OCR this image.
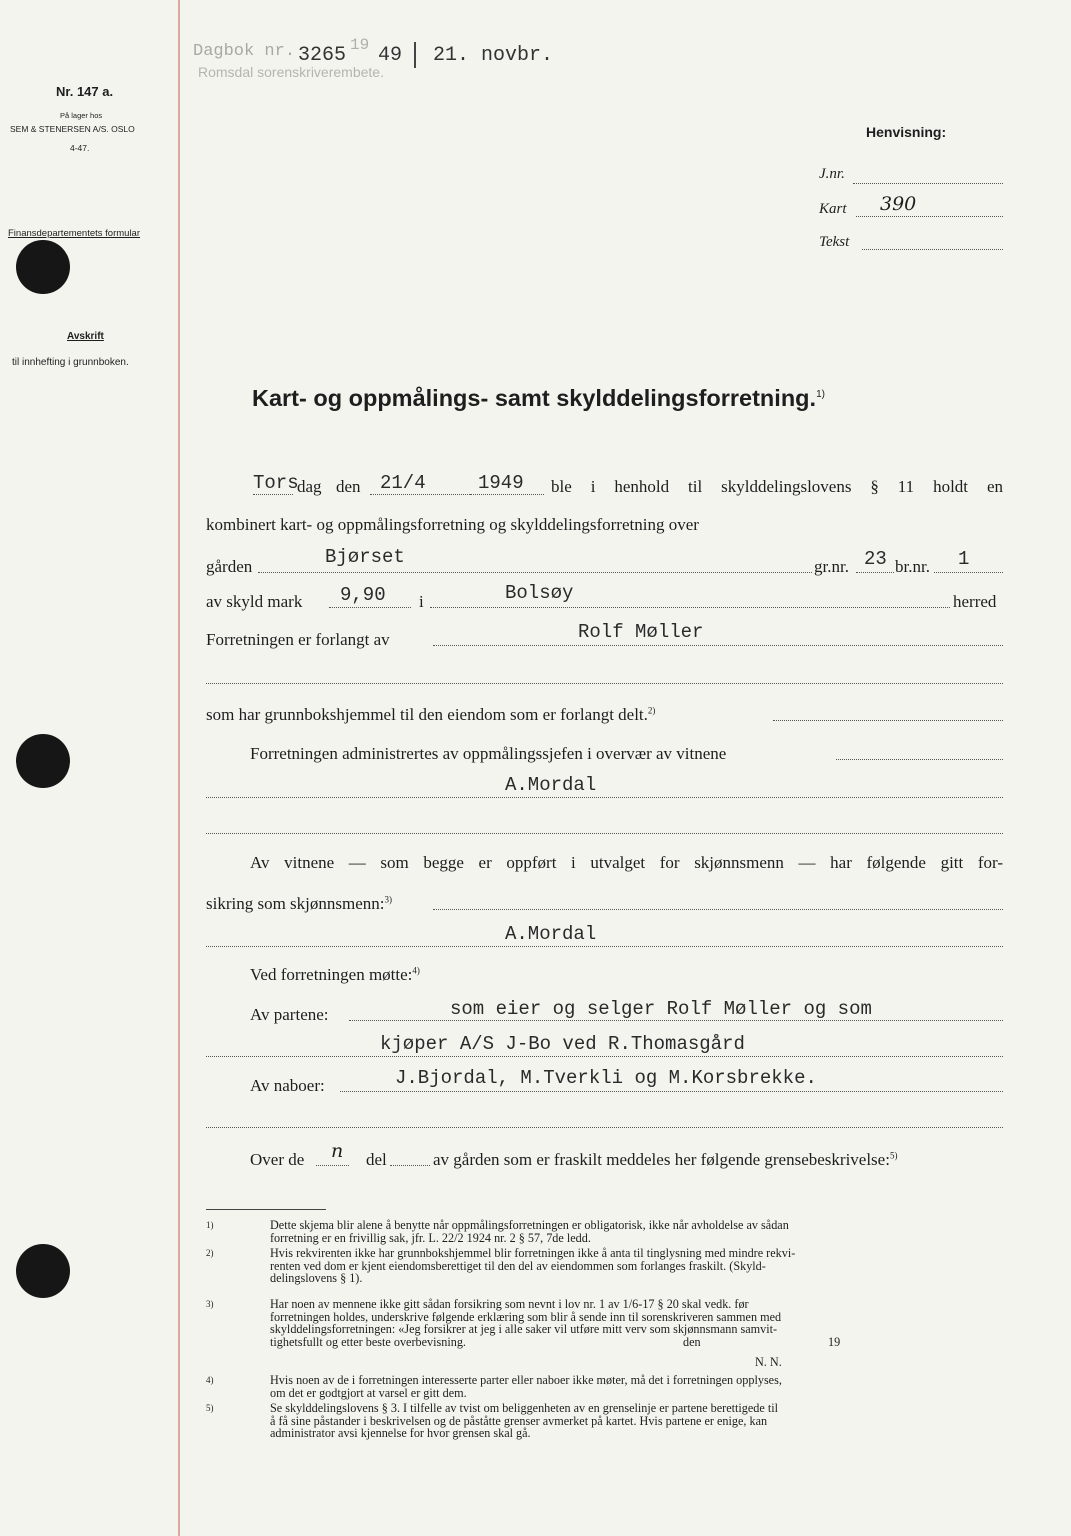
Dagbok nr. 3265 19 49 21. novbr.
Romsdal sorenskriverembete.
Nr. 147 a.
På lager hos
SEM & STENERSEN A/S. OSLO
4-47.
Finansdepartementets formular
Avskrift
til innhefting i grunnboken.
Henvisning:
J.nr.
Kart 390
Tekst
Kart- og oppmålings- samt skylddelingsforretning.$^{1)}$
Tors
dag den 21/4	1949 ble i henhold til skylddelingslovens § 11 holdt en
kombinert kart- og oppmålingsforretning og skylddelingsforretning over
gården	Bjørset	gr.nr. 23 br.nr. 1
av skyld mark 9,90 i	Bolsøy	herred
Forretningen er forlangt av	Rolf Møller
som har grunnbokshjemmel til den eiendom som er forlangt delt.$^{2)}$
Forretningen administrertes av oppmålingssjefen i overvær av vitnene
A.Mordal
Av vitnene — som begge er oppført i utvalget for skjønnsmenn — har følgende gitt for-
sikring som skjønnsmenn:$^{3)}$
A.Mordal
Ved forretningen møtte:$^{4)}$
Av partene:	som eier og selger Rolf Møller og som
kjøper A/S J-Bo ved R.Thomasgård
Av naboer:	J.Bjordal, M.Tverkli og M.Korsbrekke.
Over de n del	av gården som er fraskilt meddeles her følgende grensebeskrivelse:$^{5)}$
1)	Dette skjema blir alene å benytte når oppmålingsforretningen er obligatorisk, ikke når avholdelse av sådan
forretning er en frivillig sak, jfr. L. 22/2 1924 nr. 2 § 57, 7de ledd.
2)	Hvis rekvirenten ikke har grunnbokshjemmel blir forretningen ikke å anta til tinglysning med mindre rekvi-
renten ved dom er kjent eiendomsberettiget til den del av eiendommen som forlanges fraskilt. (Skyld-
delingslovens § 1).
3)	Har noen av mennene ikke gitt sådan forsikring som nevnt i lov nr. 1 av 1/6-17 § 20 skal vedk. før
forretningen holdes, underskrive følgende erklæring som blir å sende inn til sorenskriveren sammen med
skylddelingsforretningen: «Jeg forsikrer at jeg i alle saker vil utføre mitt verv som skjønnsmann samvit-
tighetsfullt og etter beste overbevisning.	den	19
N. N.
4)	Hvis noen av de i forretningen interesserte parter eller naboer ikke møter, må det i forretningen opplyses,
om det er godtgjort at varsel er gitt dem.
5)	Se skylddelingslovens § 3. I tilfelle av tvist om beliggenheten av en grenselinje er partene berettigede til
å få sine påstander i beskrivelsen og de påståtte grenser avmerket på kartet. Hvis partene er enige, kan
administrator avsi kjennelse for hvor grensen skal gå.
